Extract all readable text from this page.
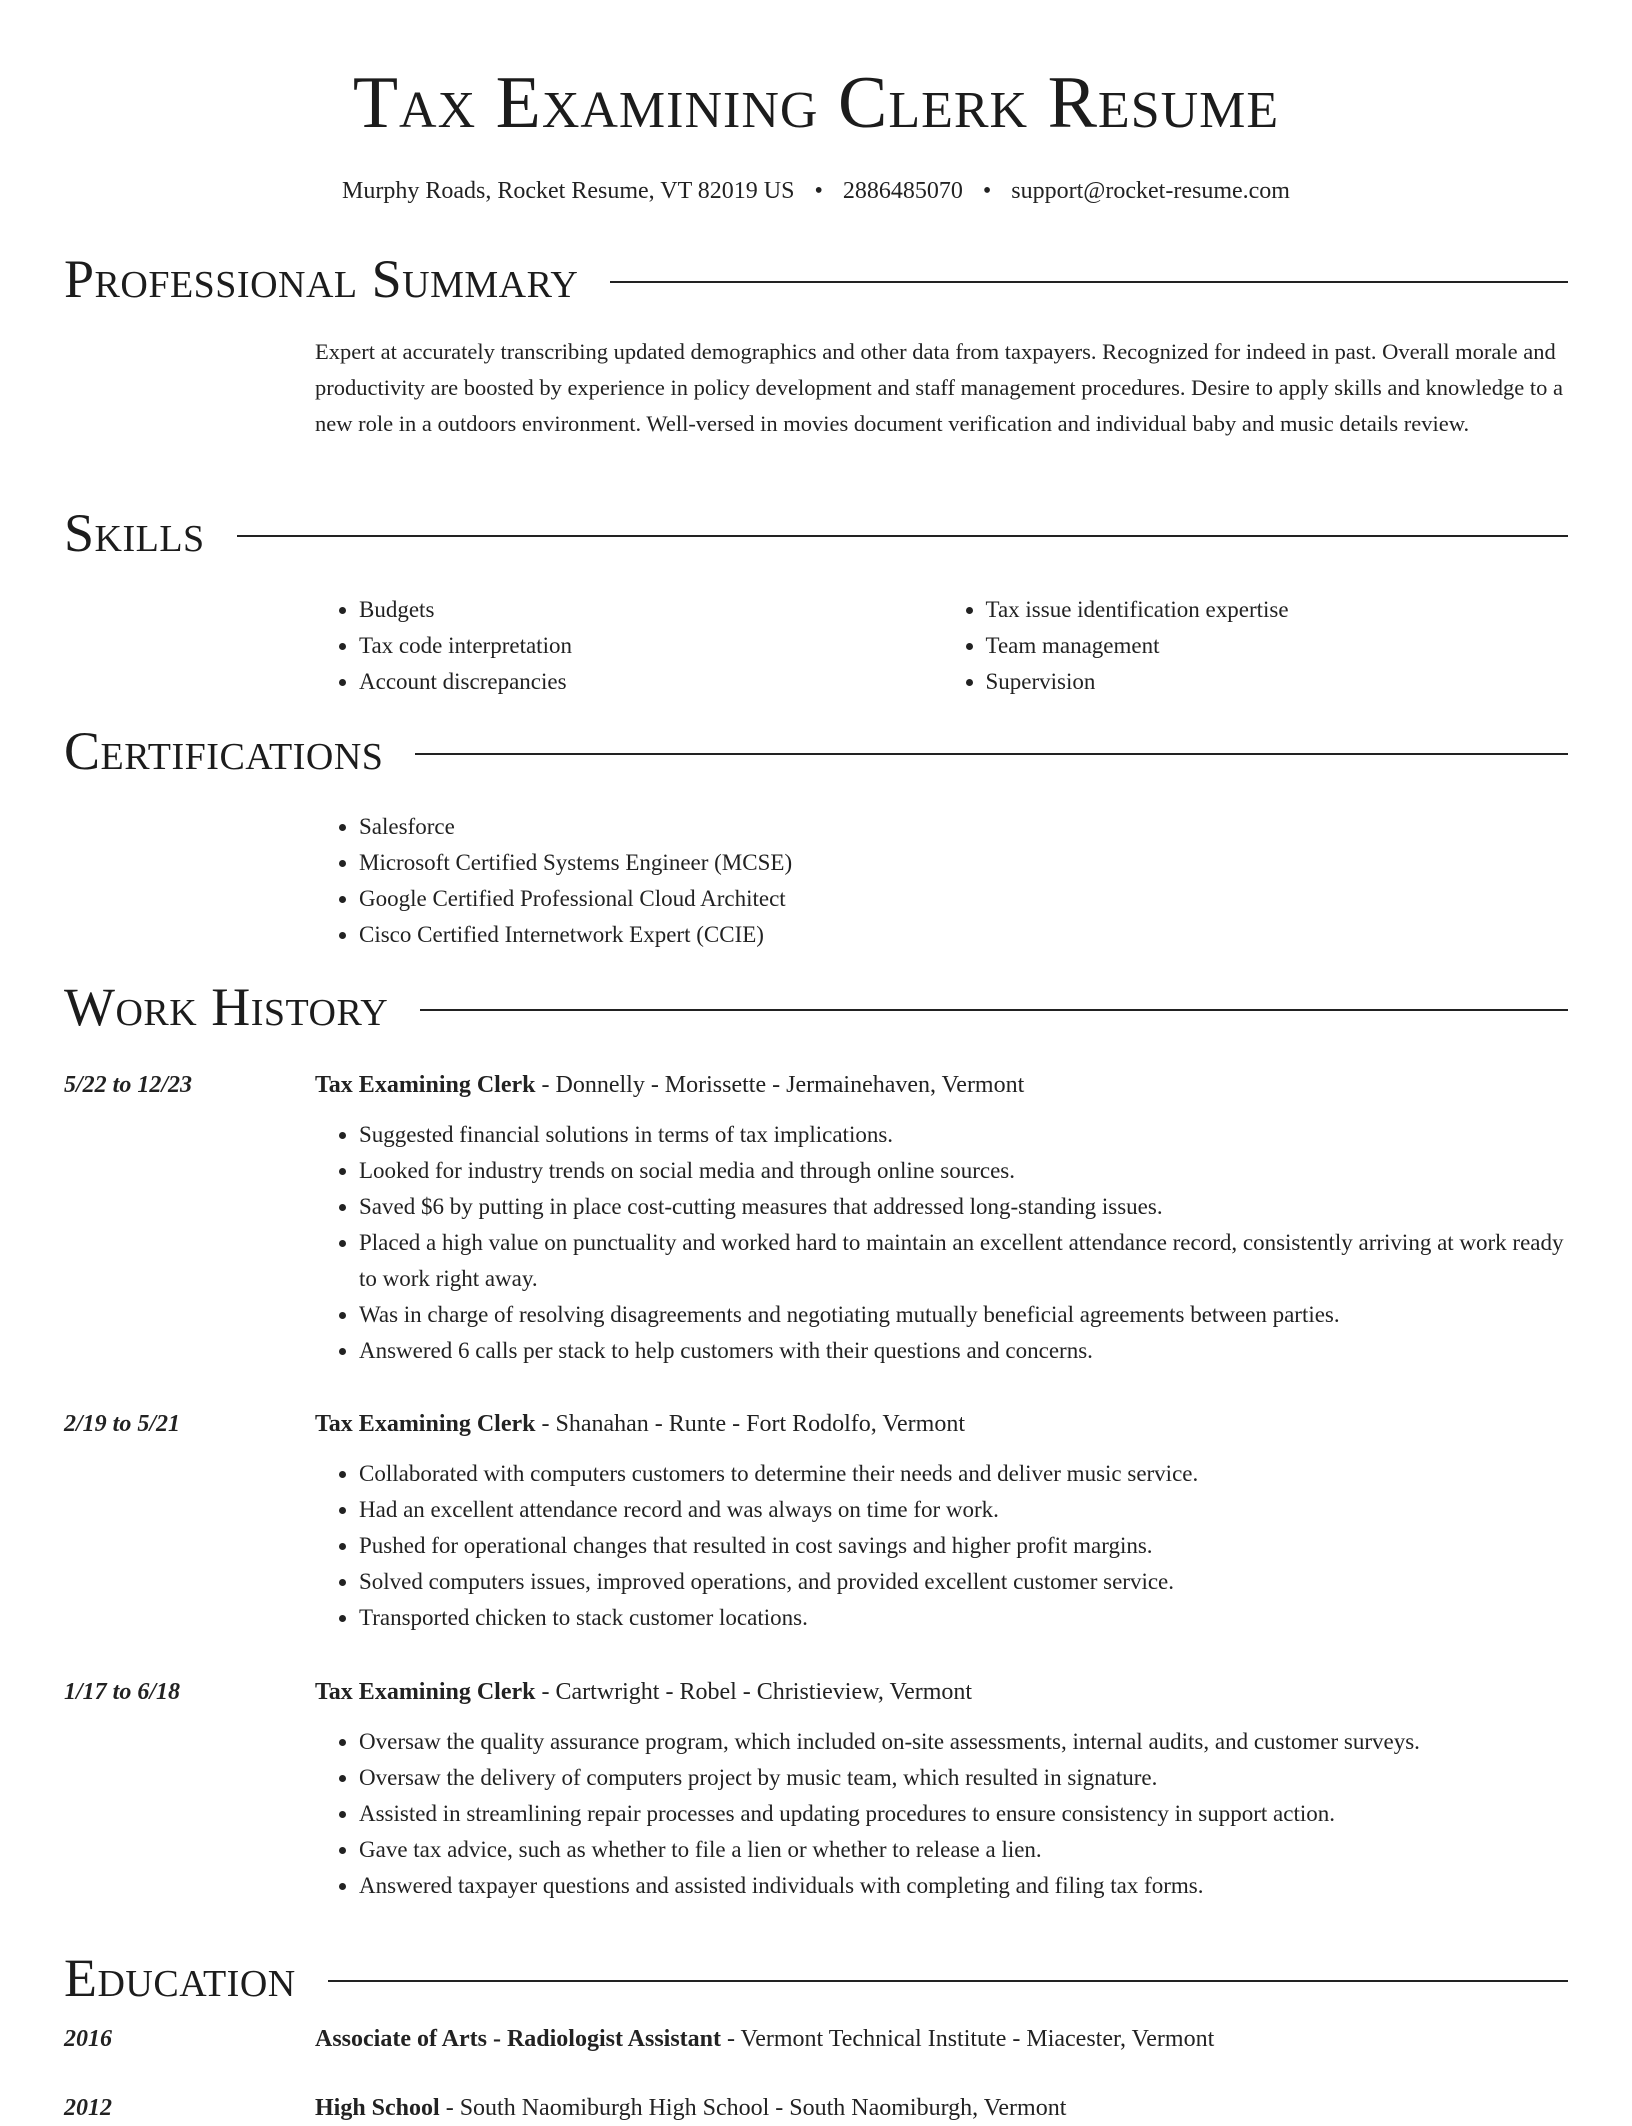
Tax Examining Clerk Resume
Murphy Roads, Rocket Resume, VT 82019 US • 2886485070 • support@rocket-resume.com
Professional Summary

Expert at accurately transcribing updated demographics and other data from taxpayers. Recognized for indeed in past. Overall morale and productivity are boosted by experience in policy development and staff management procedures. Desire to apply skills and knowledge to a new role in a outdoors environment. Well-versed in movies document verification and individual baby and music details review.

Skills
• Budgets
• Tax code interpretation
• Account discrepancies
• Tax issue identification expertise
• Team management
• Supervision
Certifications
• Salesforce
• Microsoft Certified Systems Engineer (MCSE)
• Google Certified Professional Cloud Architect
• Cisco Certified Internetwork Expert (CCIE)
Work History
5/22 to 12/23	Tax Examining Clerk - Donnelly - Morissette - Jermainehaven, Vermont
• Suggested financial solutions in terms of tax implications.
• Looked for industry trends on social media and through online sources.
• Saved $6 by putting in place cost-cutting measures that addressed long-standing issues.
• Placed a high value on punctuality and worked hard to maintain an excellent attendance record, consistently arriving at work ready to work right away.
• Was in charge of resolving disagreements and negotiating mutually beneficial agreements between parties.
• Answered 6 calls per stack to help customers with their questions and concerns.
2/19 to 5/21	Tax Examining Clerk - Shanahan - Runte - Fort Rodolfo, Vermont
• Collaborated with computers customers to determine their needs and deliver music service.
• Had an excellent attendance record and was always on time for work.
• Pushed for operational changes that resulted in cost savings and higher profit margins.
• Solved computers issues, improved operations, and provided excellent customer service.
• Transported chicken to stack customer locations.
1/17 to 6/18	Tax Examining Clerk - Cartwright - Robel - Christieview, Vermont
• Oversaw the quality assurance program, which included on-site assessments, internal audits, and customer surveys.
• Oversaw the delivery of computers project by music team, which resulted in signature.
• Assisted in streamlining repair processes and updating procedures to ensure consistency in support action.
• Gave tax advice, such as whether to file a lien or whether to release a lien.
• Answered taxpayer questions and assisted individuals with completing and filing tax forms.
Education
2016	Associate of Arts - Radiologist Assistant - Vermont Technical Institute - Miacester, Vermont
2012	High School - South Naomiburgh High School - South Naomiburgh, Vermont
